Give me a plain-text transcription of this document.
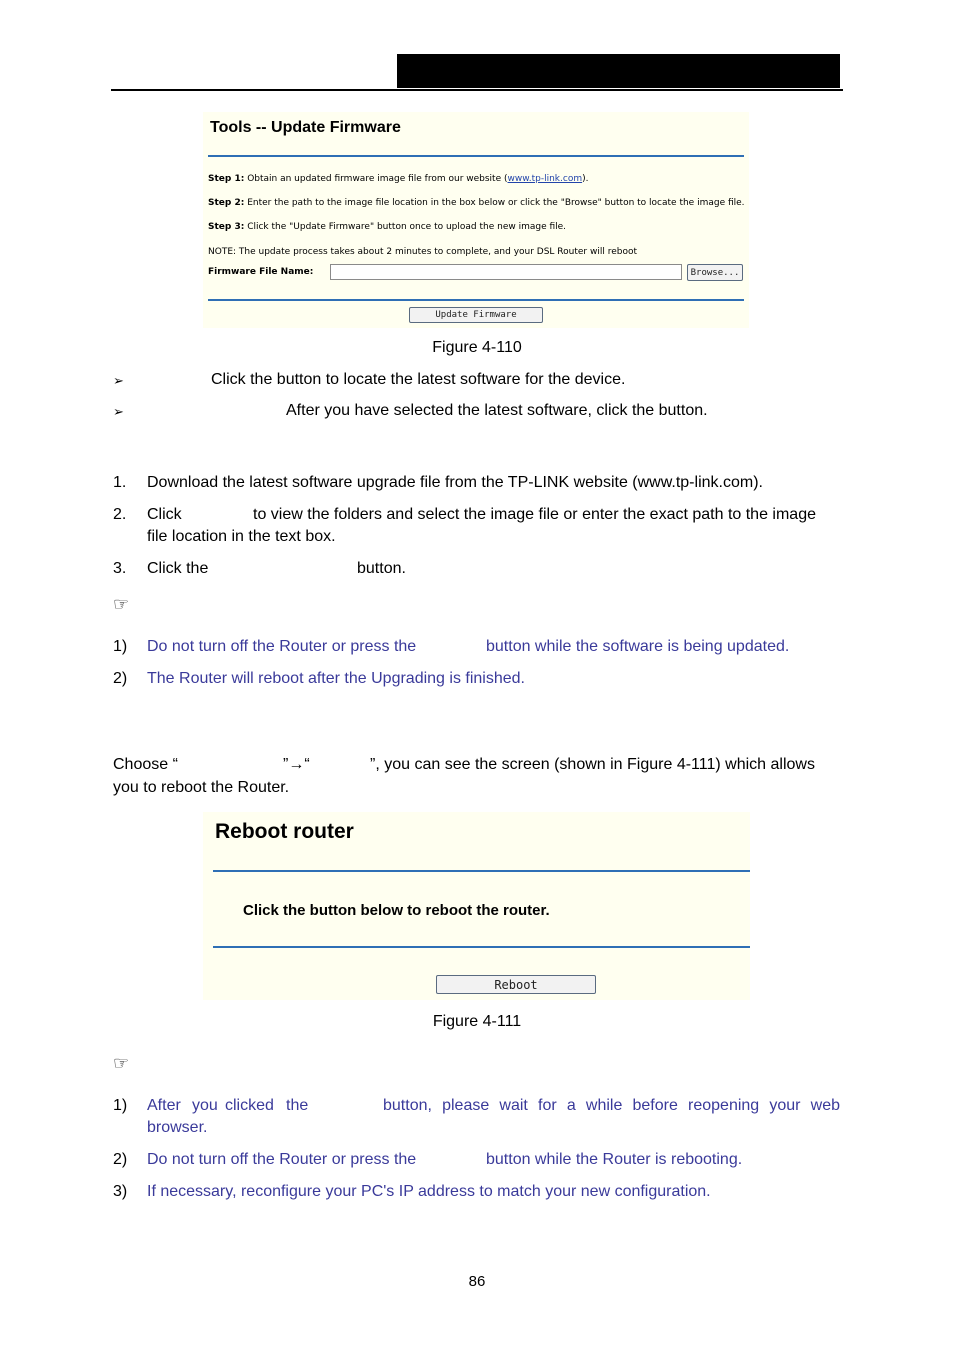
Tools -- Update Firmware
Step 1: Obtain an updated firmware image file from our website (www.tp-link.com).
Step 2: Enter the path to the image file location in the box below or click the "Browse" button to locate the image file.
Step 3: Click the "Update Firmware" button once to upload the new image file.
NOTE: The update process takes about 2 minutes to complete, and your DSL Router will reboot
Firmware File Name:	Browse...
Update Firmware
Figure 4-110
➢	Click the button to locate the latest software for the device.
➢	After you have selected the latest software, click the button.
1. Download the latest software upgrade file from the TP-LINK website (www.tp-link.com).
2. Click	to view the folders and select the image file or enter the exact path to the image
file location in the text box.
3. Click the	button.
☞
1) Do not turn off the Router or press the	button while the software is being updated.
2) The Router will reboot after the Upgrading is finished.
Choose “	”→“	”, you can see the screen (shown in Figure 4-111) which allows
you to reboot the Router.
Reboot router
Click the button below to reboot the router.
Reboot
Figure 4-111
☞
1) After you clicked the	button, please wait for a while before reopening your web
browser.
2) Do not turn off the Router or press the	button while the Router is rebooting.
3) If necessary, reconfigure your PC's IP address to match your new configuration.
86
